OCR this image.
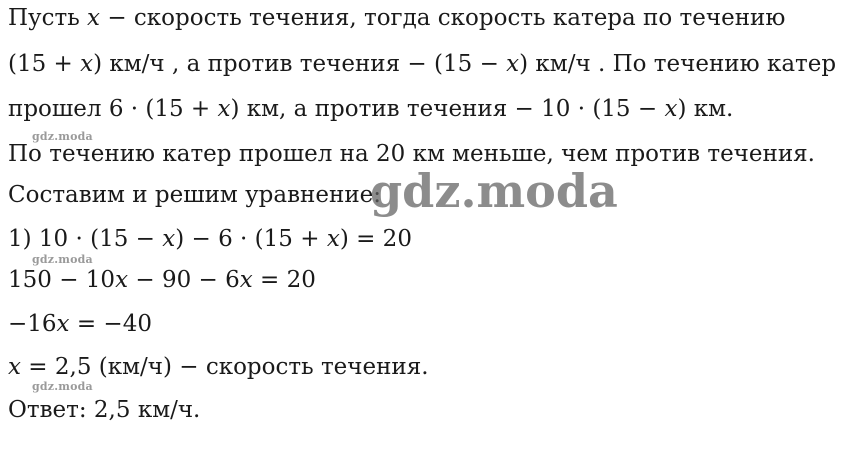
Пусть x − скорость течения, тогда скорость катера по течению
(15 + x) км/ч , а против течения − (15 − x) км/ч . По течению катер
прошел 6 · (15 + x) км, а против течения − 10 · (15 − x) км.
gdz.moda
По течению катер прошел на 20 км меньше, чем против течения.
Составим и решим уравнение:
gdz.moda
1) 10 · (15 − x) − 6 · (15 + x) = 20
gdz.moda
150 − 10x − 90 − 6x = 20
−16x = −40
x = 2,5 (км/ч) − скорость течения.
gdz.moda
Ответ: 2,5 км/ч.
